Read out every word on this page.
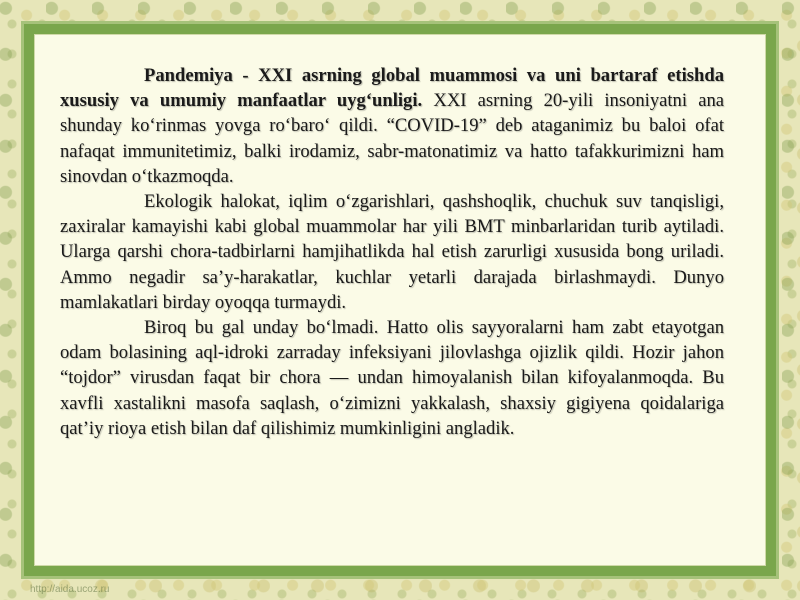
Pandemiya - XXI asrning global muammosi va uni bartaraf etishda xususiy va umumiy manfaatlar uyg‘unligi. XXI asrning 20-yili insoniyatni ana shunday ko‘rinmas yovga ro‘baro‘ qildi. “COVID-19” deb ataganimiz bu baloi ofat nafaqat immunitetimiz, balki irodamiz, sabr-matonatimiz va hatto tafakkurimizni ham sinovdan o‘tkazmoqda.

Ekologik halokat, iqlim o‘zgarishlari, qashshoqlik, chuchuk suv tanqisligi, zaxiralar kamayishi kabi global muammolar har yili BMT minbarlaridan turib aytiladi. Ularga qarshi chora-tadbirlarni hamjihatlikda hal etish zarurligi xususida bong uriladi. Ammo negadir sa’y-harakatlar, kuchlar yetarli darajada birlashmaydi. Dunyo mamlakatlari birday oyoqqa turmaydi.

Biroq bu gal unday bo‘lmadi. Hatto olis sayyoralarni ham zabt etayotgan odam bolasining aql-idroki zarraday infeksiyani jilovlashga ojizlik qildi. Hozir jahon “tojdor” virusdan faqat bir chora — undan himoyalanish bilan kifoyalanmoqda. Bu xavfli xastalikni masofa saqlash, o‘zimizni yakkalash, shaxsiy gigiyena qoidalariga qat’iy rioya etish bilan daf qilishimiz mumkinligini angladik.

http://aida.ucoz.ru
